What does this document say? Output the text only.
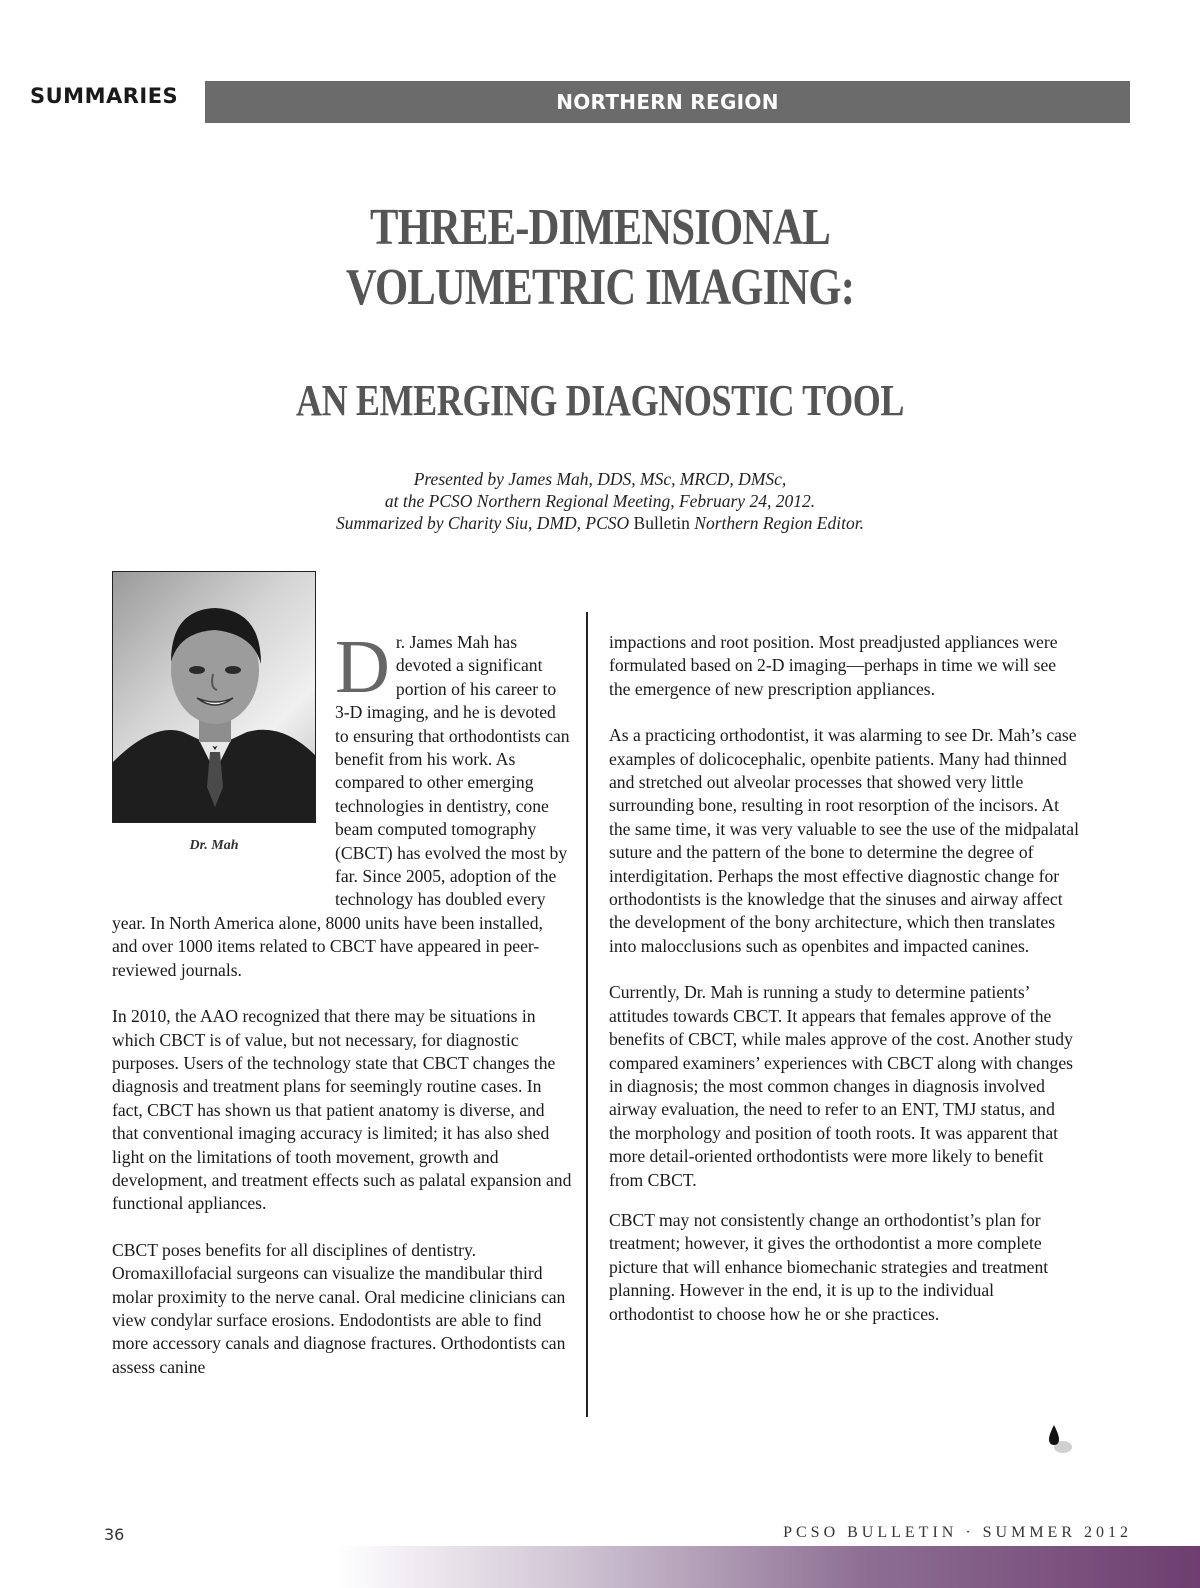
SUMMARIES	NORTHERN REGION
THREE-DIMENSIONAL
VOLUMETRIC IMAGING:
AN EMERGING DIAGNOSTIC TOOL
Presented by James Mah, DDS, MSc, MRCD, DMSc,
at the PCSO Northern Regional Meeting, February 24, 2012.
Summarized by Charity Siu, DMD, PCSO Bulletin Northern Region Editor.
Dr. Mah

Dr. James Mah has devoted a significant portion of his career to 3-D imaging, and he is devoted to ensuring that orthodontists can benefit from his work. As compared to other emerging technologies in dentistry, cone beam computed tomography (CBCT) has evolved the most by far. Since 2005, adoption of the technology has doubled every year. In North America alone, 8000 units have been installed, and over 1000 items related to CBCT have appeared in peer-reviewed journals.

In 2010, the AAO recognized that there may be situations in which CBCT is of value, but not necessary, for diagnostic purposes. Users of the technology state that CBCT changes the diagnosis and treatment plans for seemingly routine cases. In fact, CBCT has shown us that patient anatomy is diverse, and that conventional imaging accuracy is limited; it has also shed light on the limitations of tooth movement, growth and development, and treatment effects such as palatal expansion and functional appliances.

CBCT poses benefits for all disciplines of dentistry. Oromaxillofacial surgeons can visualize the mandibular third molar proximity to the nerve canal. Oral medicine clinicians can view condylar surface erosions. Endodontists are able to find more accessory canals and diagnose fractures. Orthodontists can assess canine

impactions and root position. Most preadjusted appliances were formulated based on 2-D imaging—perhaps in time we will see the emergence of new prescription appliances.

As a practicing orthodontist, it was alarming to see Dr. Mah’s case examples of dolicocephalic, openbite patients. Many had thinned and stretched out alveolar processes that showed very little surrounding bone, resulting in root resorption of the incisors. At the same time, it was very valuable to see the use of the midpalatal suture and the pattern of the bone to determine the degree of interdigitation. Perhaps the most effective diagnostic change for orthodontists is the knowledge that the sinuses and airway affect the development of the bony architecture, which then translates into malocclusions such as openbites and impacted canines.

Currently, Dr. Mah is running a study to determine patients’ attitudes towards CBCT. It appears that females approve of the benefits of CBCT, while males approve of the cost. Another study compared examiners’ experiences with CBCT along with changes in diagnosis; the most common changes in diagnosis involved airway evaluation, the need to refer to an ENT, TMJ status, and the morphology and position of tooth roots. It was apparent that more detail-oriented orthodontists were more likely to benefit from CBCT.

CBCT may not consistently change an orthodontist’s plan for treatment; however, it gives the orthodontist a more complete picture that will enhance biomechanic strategies and treatment planning. However in the end, it is up to the individual orthodontist to choose how he or she practices.

36	PCSO BULLETIN · SUMMER 2012
